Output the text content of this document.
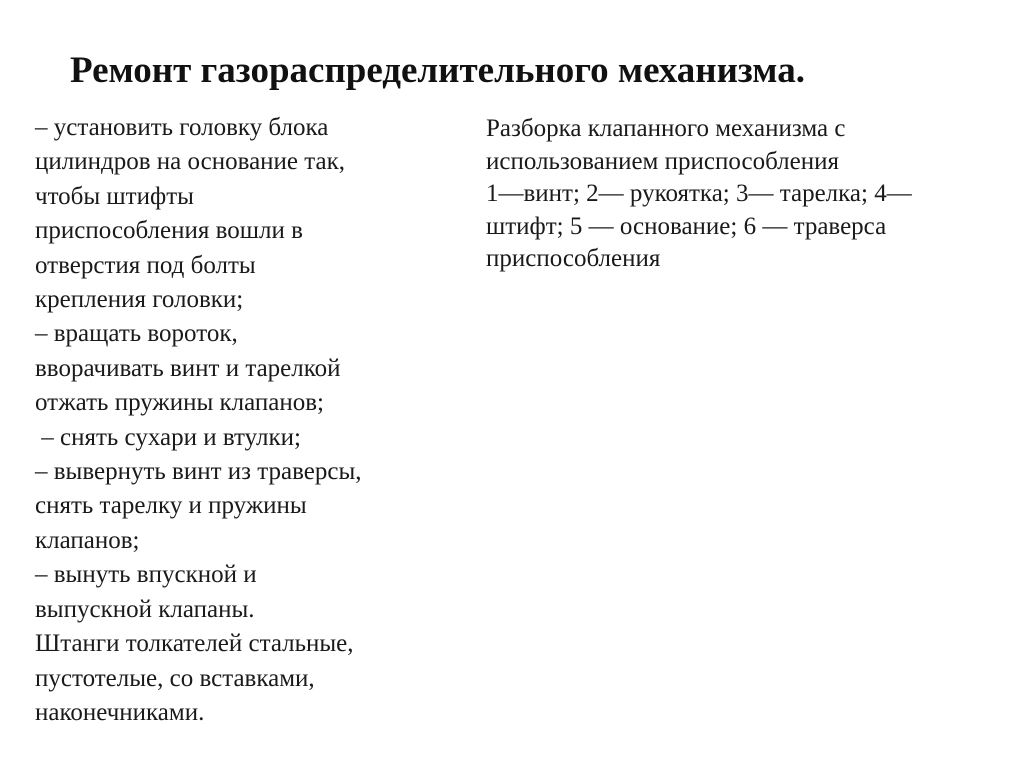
Ремонт газораспределительного механизма.
– установить головку блока
цилиндров на основание так,
чтобы штифты
приспособления вошли в
отверстия под болты
крепления головки;
– вращать вороток,
вворачивать винт и тарелкой
отжать пружины клапанов;
– снять сухари и втулки;
– вывернуть винт из траверсы,
снять тарелку и пружины
клапанов;
– вынуть впускной и
выпускной клапаны.
Штанги толкателей стальные,
пустотелые, со вставками,
наконечниками.
Разборка клапанного механизма с
использованием приспособления
1—винт; 2— рукоятка; 3— тарелка; 4—
штифт; 5 — основание; 6 — траверса
приспособления
